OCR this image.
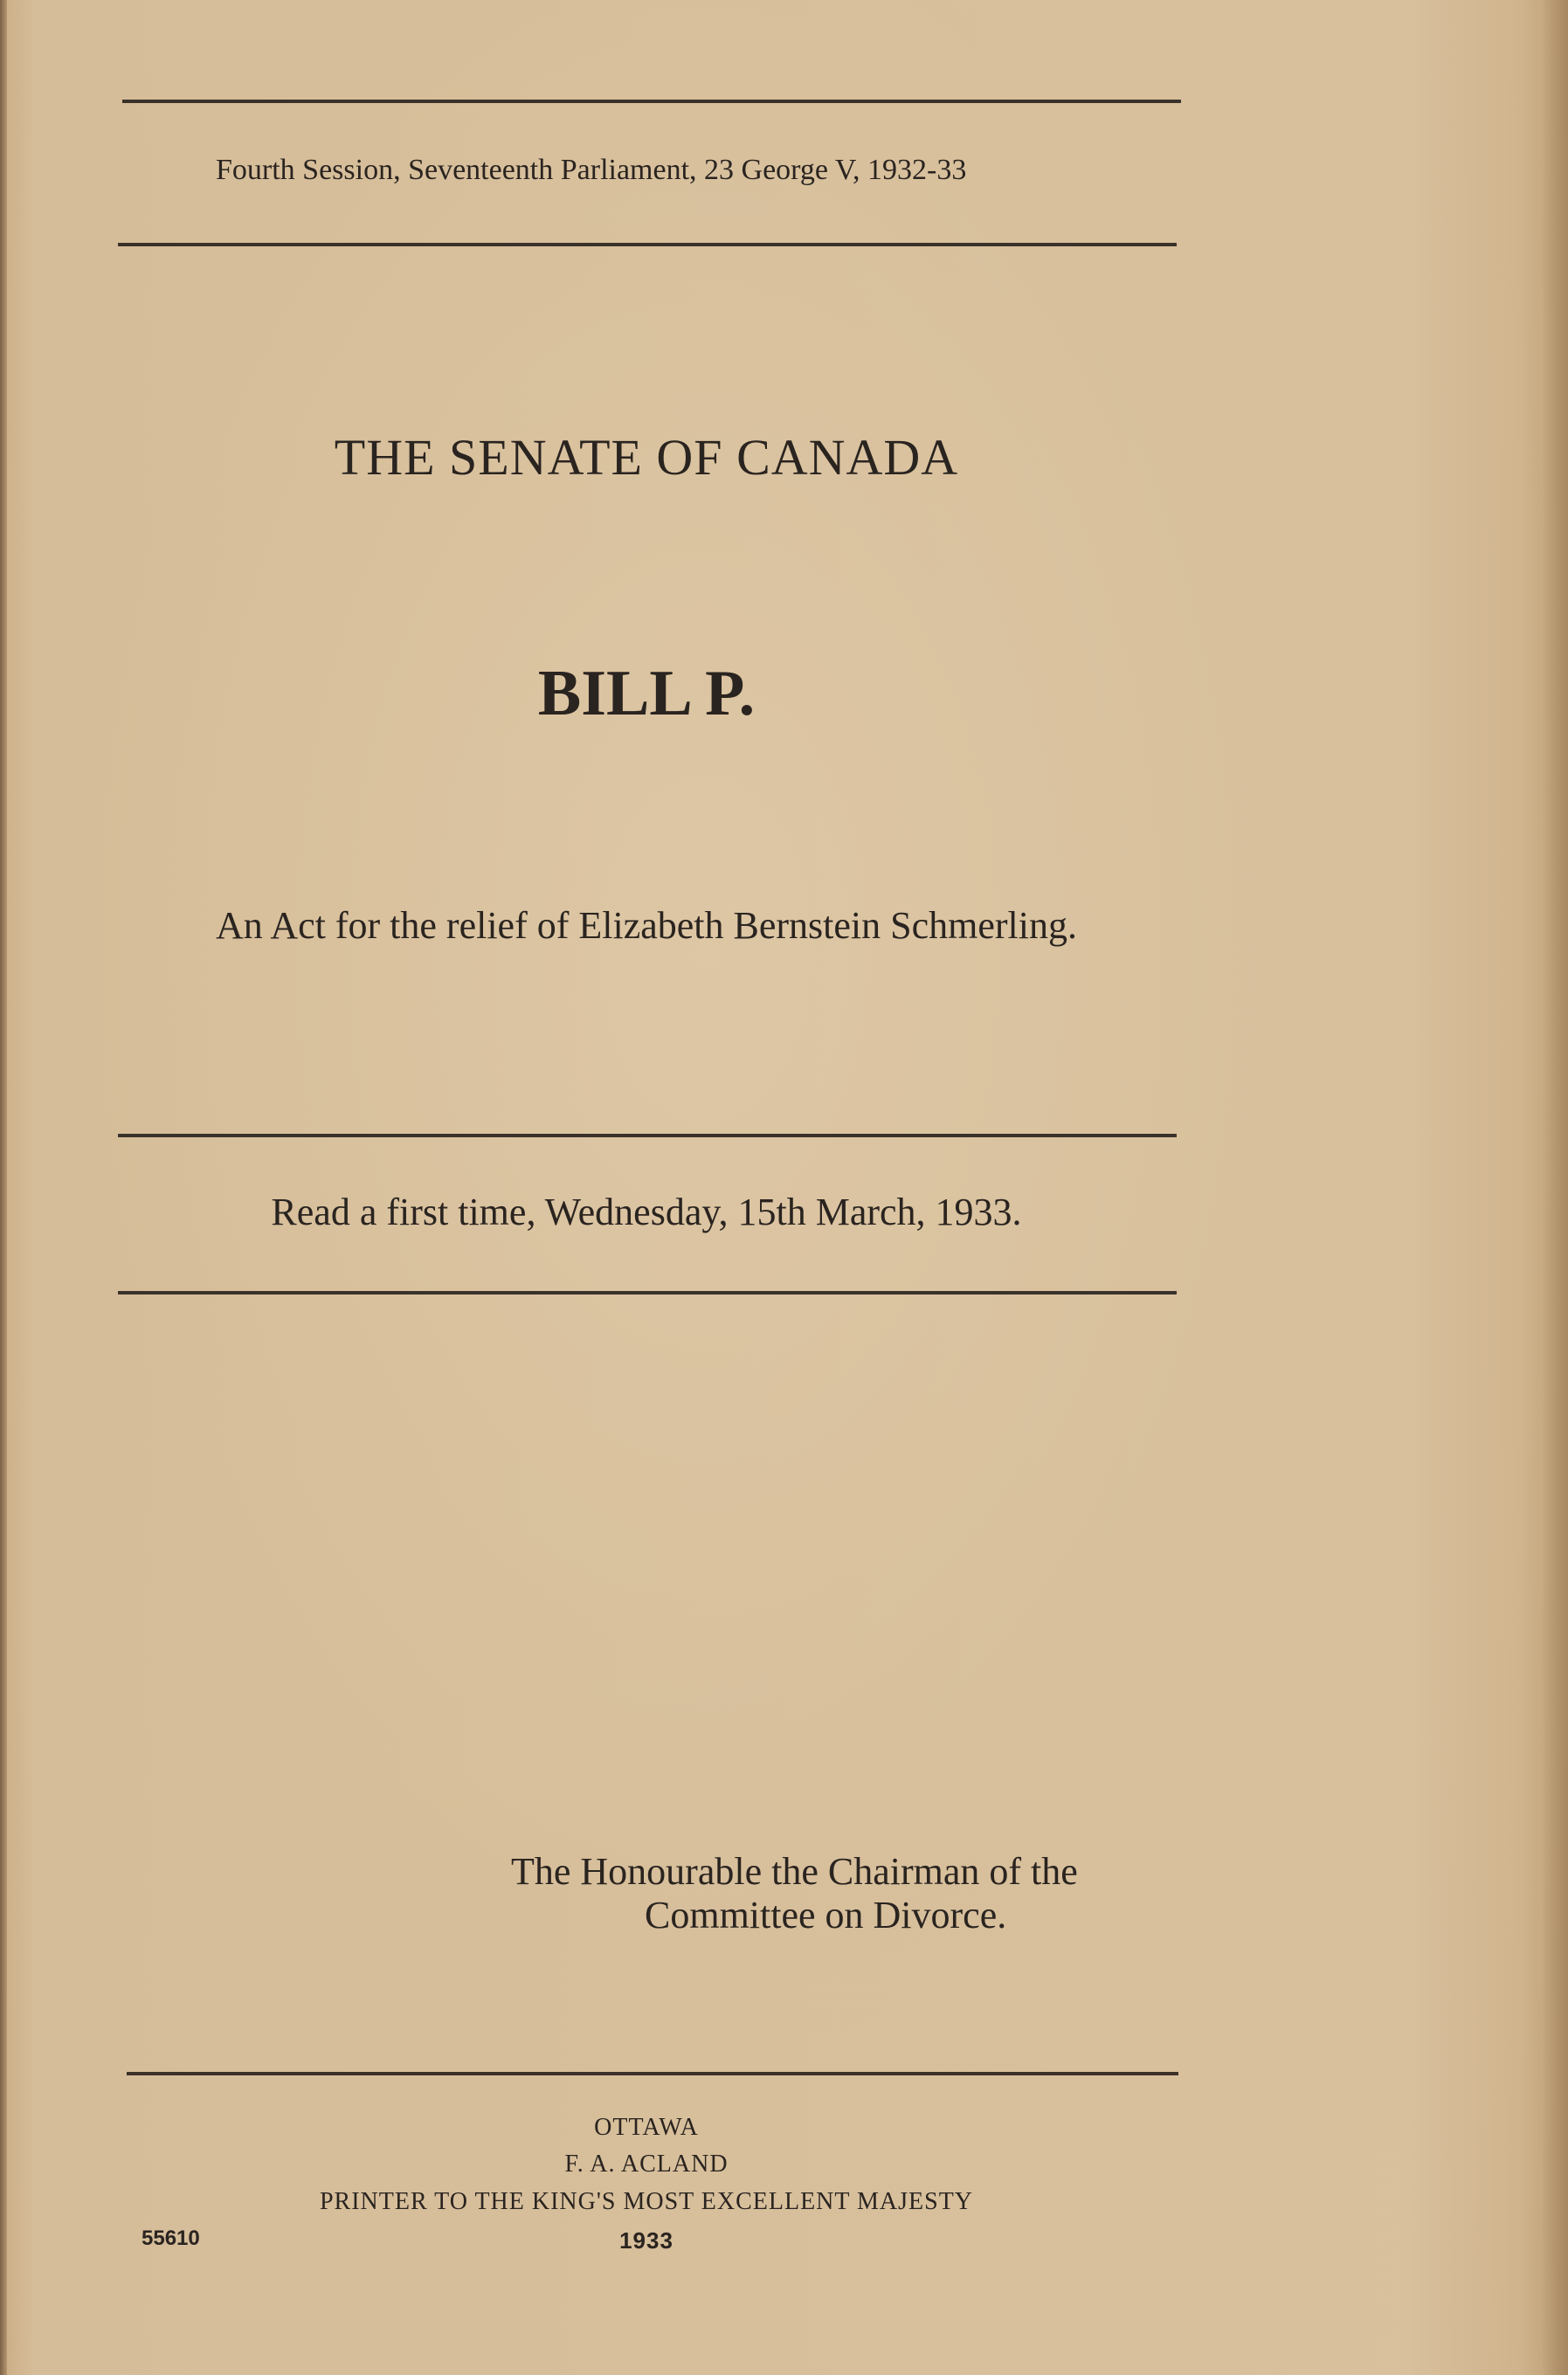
Fourth Session, Seventeenth Parliament, 23 George V, 1932-33
THE SENATE OF CANADA
BILL P.
An Act for the relief of Elizabeth Bernstein Schmerling.
Read a first time, Wednesday, 15th March, 1933.
The Honourable the Chairman of the
Committee on Divorce.
OTTAWA
F. A. ACLAND
PRINTER TO THE KING'S MOST EXCELLENT MAJESTY
1933
55610
